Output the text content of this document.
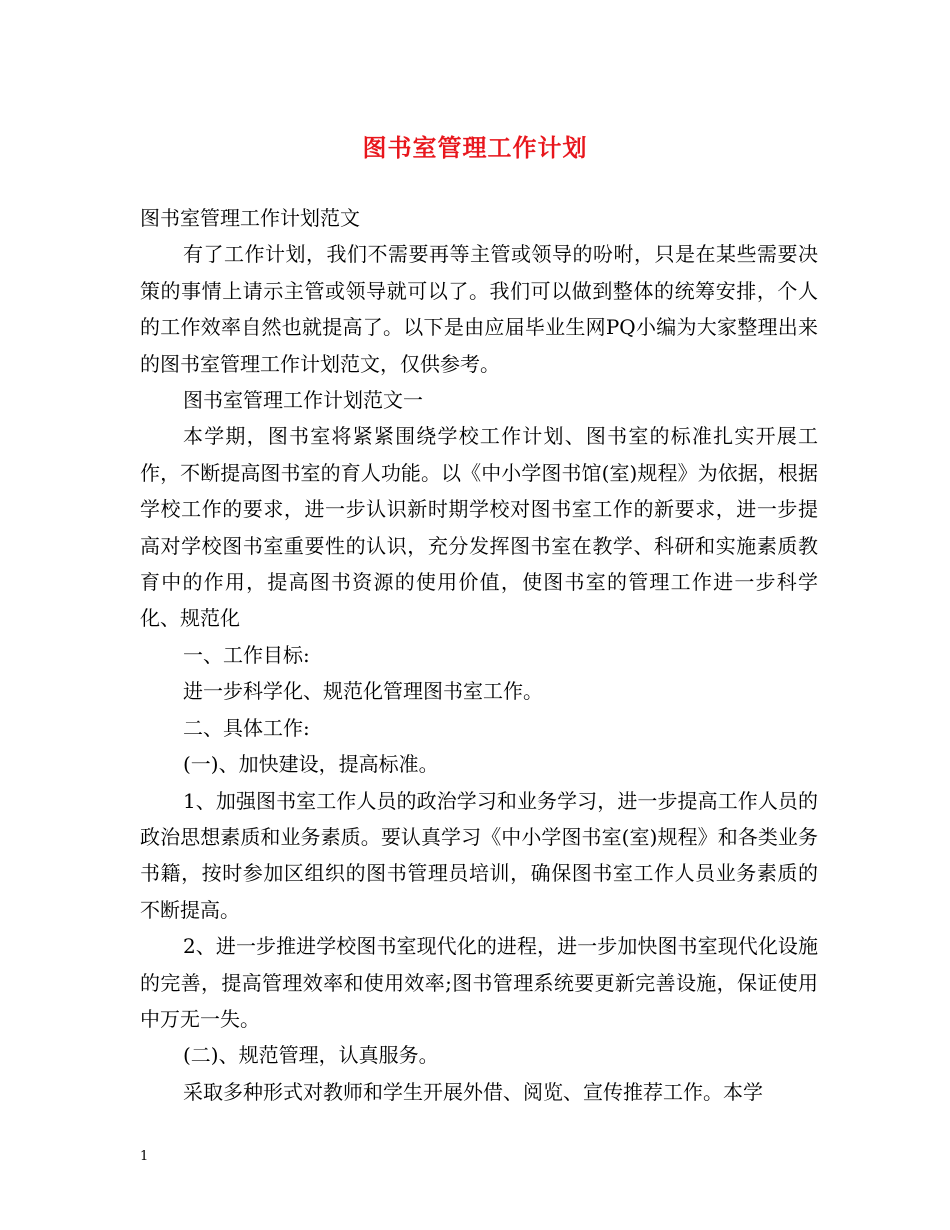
图书室管理工作计划

图书室管理工作计划范文

有了工作计划，我们不需要再等主管或领导的吩咐，只是在某些需要决策的事情上请示主管或领导就可以了。我们可以做到整体的统筹安排，个人的工作效率自然也就提高了。以下是由应届毕业生网PQ小编为大家整理出来的图书室管理工作计划范文，仅供参考。

图书室管理工作计划范文一

本学期，图书室将紧紧围绕学校工作计划、图书室的标准扎实开展工作，不断提高图书室的育人功能。以《中小学图书馆(室)规程》为依据，根据学校工作的要求，进一步认识新时期学校对图书室工作的新要求，进一步提高对学校图书室重要性的认识，充分发挥图书室在教学、科研和实施素质教育中的作用，提高图书资源的使用价值，使图书室的管理工作进一步科学化、规范化

一、工作目标:

进一步科学化、规范化管理图书室工作。

二、具体工作:

(一)、加快建设，提高标准。

1、加强图书室工作人员的政治学习和业务学习，进一步提高工作人员的政治思想素质和业务素质。要认真学习《中小学图书室(室)规程》和各类业务书籍，按时参加区组织的图书管理员培训，确保图书室工作人员业务素质的不断提高。

2、进一步推进学校图书室现代化的进程，进一步加快图书室现代化设施的完善，提高管理效率和使用效率;图书管理系统要更新完善设施，保证使用中万无一失。

(二)、规范管理，认真服务。

采取多种形式对教师和学生开展外借、阅览、宣传推荐工作。本学

1
